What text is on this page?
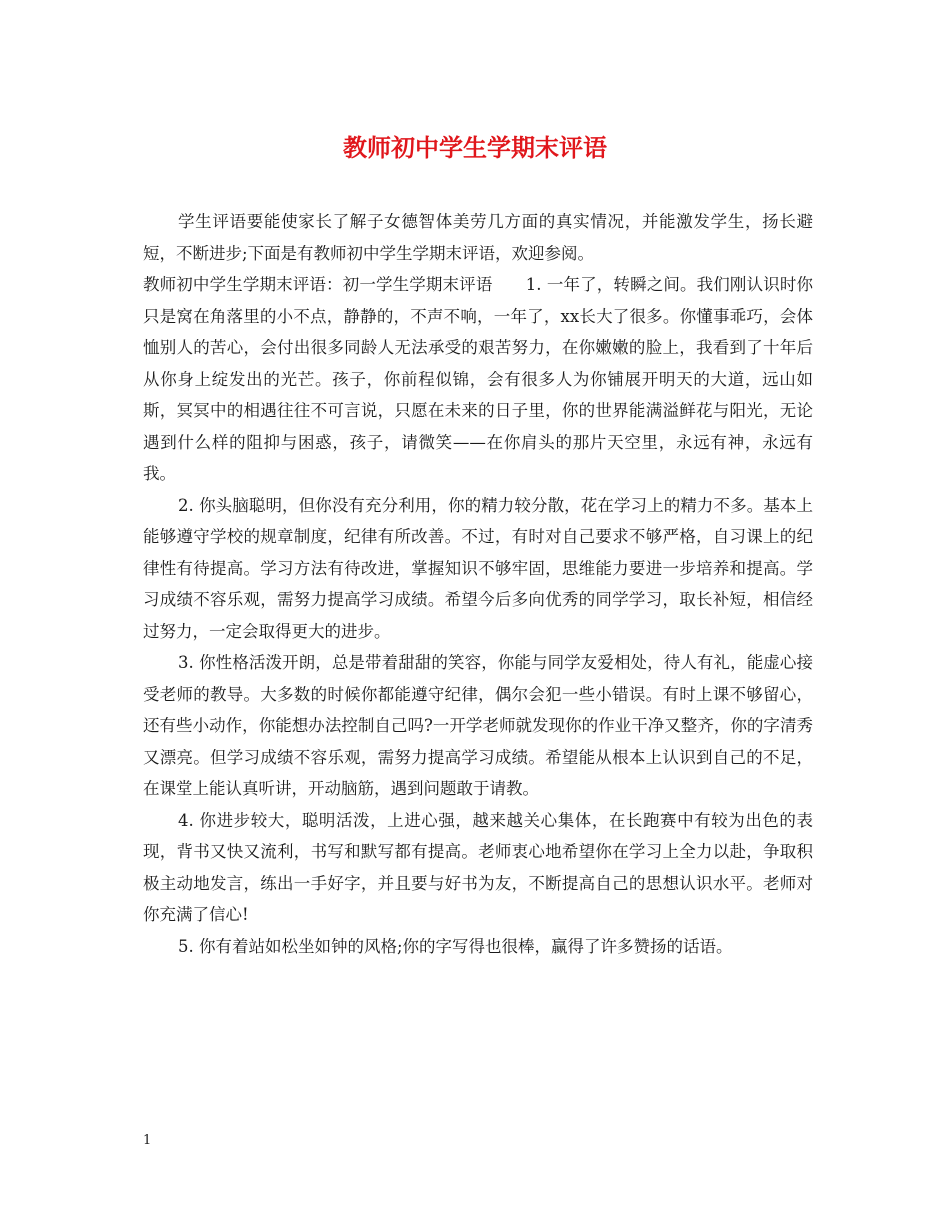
教师初中学生学期末评语

学生评语要能使家长了解子女德智体美劳几方面的真实情况，并能激发学生，扬长避短，不断进步;下面是有教师初中学生学期末评语，欢迎参阅。

教师初中学生学期末评语：初一学生学期末评语　　1. 一年了，转瞬之间。我们刚认识时你只是窝在角落里的小不点，静静的，不声不响，一年了，xx长大了很多。你懂事乖巧，会体恤别人的苦心，会付出很多同龄人无法承受的艰苦努力，在你嫩嫩的脸上，我看到了十年后从你身上绽发出的光芒。孩子，你前程似锦，会有很多人为你铺展开明天的大道，远山如斯，冥冥中的相遇往往不可言说，只愿在未来的日子里，你的世界能满溢鲜花与阳光，无论遇到什么样的阻抑与困惑，孩子，请微笑——在你肩头的那片天空里，永远有神，永远有我。

2. 你头脑聪明，但你没有充分利用，你的精力较分散，花在学习上的精力不多。基本上能够遵守学校的规章制度，纪律有所改善。不过，有时对自己要求不够严格，自习课上的纪律性有待提高。学习方法有待改进，掌握知识不够牢固，思维能力要进一步培养和提高。学习成绩不容乐观，需努力提高学习成绩。希望今后多向优秀的同学学习，取长补短，相信经过努力，一定会取得更大的进步。

3. 你性格活泼开朗，总是带着甜甜的笑容，你能与同学友爱相处，待人有礼，能虚心接受老师的教导。大多数的时候你都能遵守纪律，偶尔会犯一些小错误。有时上课不够留心，还有些小动作，你能想办法控制自己吗?一开学老师就发现你的作业干净又整齐，你的字清秀又漂亮。但学习成绩不容乐观，需努力提高学习成绩。希望能从根本上认识到自己的不足，在课堂上能认真听讲，开动脑筋，遇到问题敢于请教。

4. 你进步较大，聪明活泼，上进心强，越来越关心集体，在长跑赛中有较为出色的表现，背书又快又流利，书写和默写都有提高。老师衷心地希望你在学习上全力以赴，争取积极主动地发言，练出一手好字，并且要与好书为友，不断提高自己的思想认识水平。老师对你充满了信心!

5. 你有着站如松坐如钟的风格;你的字写得也很棒，赢得了许多赞扬的话语。

1
